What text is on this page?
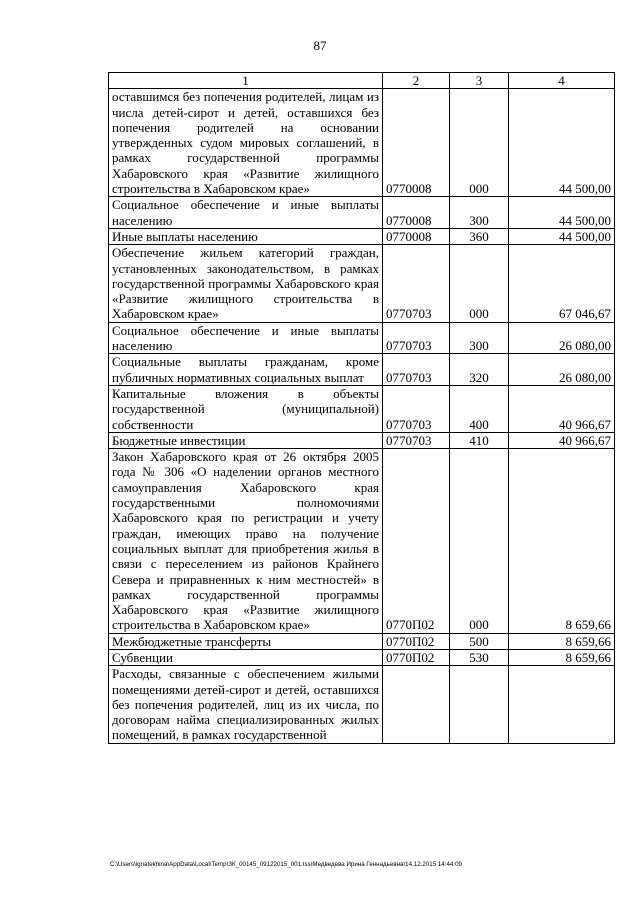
87
1	2	3	4
оставшимся без попечения родителей, лицам из числа детей-сирот и детей, оставшихся без попечения родителей на основании утвержденных судом мировых соглашений, в рамках государственной программы Хабаровского края «Развитие жилищного строительства в Хабаровском крае»	0770008	000	44 500,00
Социальное обеспечение и иные выплаты населению	0770008	300	44 500,00
Иные выплаты населению	0770008	360	44 500,00
Обеспечение жильем категорий граждан, установленных законодательством, в рамках государственной программы Хабаровского края «Развитие жилищного строительства в Хабаровском крае»	0770703	000	67 046,67
Социальное обеспечение и иные выплаты населению	0770703	300	26 080,00
Социальные выплаты гражданам, кроме публичных нормативных социальных выплат	0770703	320	26 080,00
Капитальные вложения в объекты государственной (муниципальной) собственности	0770703	400	40 966,67
Бюджетные инвестиции	0770703	410	40 966,67
Закон Хабаровского края от 26 октября 2005 года № 306 «О наделении органов местного самоуправления Хабаровского края государственными полномочиями Хабаровского края по регистрации и учету граждан, имеющих право на получение социальных выплат для приобретения жилья в связи с переселением из районов Крайнего Севера и приравненных к ним местностей» в рамках государственной программы Хабаровского края «Развитие жилищного строительства в Хабаровском крае»	0770П02	000	8 659,66
Межбюджетные трансферты	0770П02	500	8 659,66
Субвенции	0770П02	530	8 659,66
Расходы, связанные с обеспечением жилыми помещениями детей-сирот и детей, оставшихся без попечения родителей, лиц из их числа, по договорам найма специализированных жилых помещений, в рамках государственной			
C:\Users\ignatekhina\AppData\Local\Temp\ЗК_00145_09122015_001.tss\Медведева Ирина Геннадьевна\14.12.2015 14:44:09
